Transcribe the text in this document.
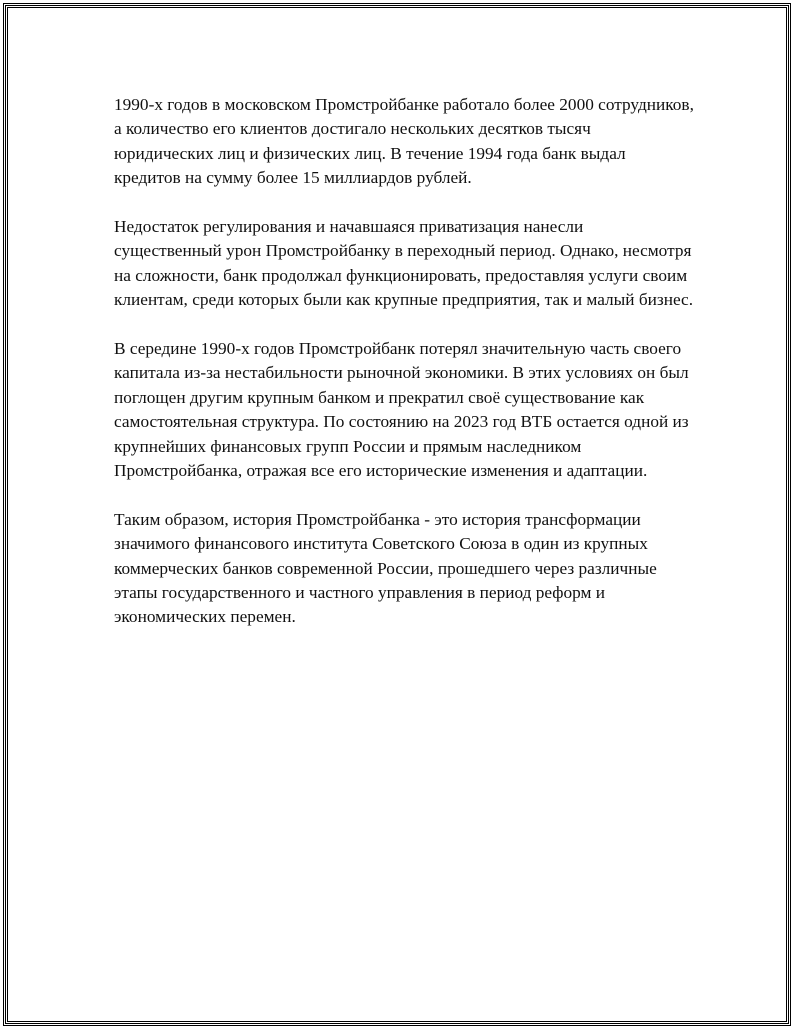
1990-х годов в московском Промстройбанке работало более 2000 сотрудников, а количество его клиентов достигало нескольких десятков тысяч юридических лиц и физических лиц. В течение 1994 года банк выдал кредитов на сумму более 15 миллиардов рублей.

Недостаток регулирования и начавшаяся приватизация нанесли существенный урон Промстройбанку в переходный период. Однако, несмотря на сложности, банк продолжал функционировать, предоставляя услуги своим клиентам, среди которых были как крупные предприятия, так и малый бизнес.

В середине 1990-х годов Промстройбанк потерял значительную часть своего капитала из-за нестабильности рыночной экономики. В этих условиях он был поглощен другим крупным банком и прекратил своё существование как самостоятельная структура. По состоянию на 2023 год ВТБ остается одной из крупнейших финансовых групп России и прямым наследником Промстройбанка, отражая все его исторические изменения и адаптации.

Таким образом, история Промстройбанка - это история трансформации значимого финансового института Советского Союза в один из крупных коммерческих банков современной России, прошедшего через различные этапы государственного и частного управления в период реформ и экономических перемен.
